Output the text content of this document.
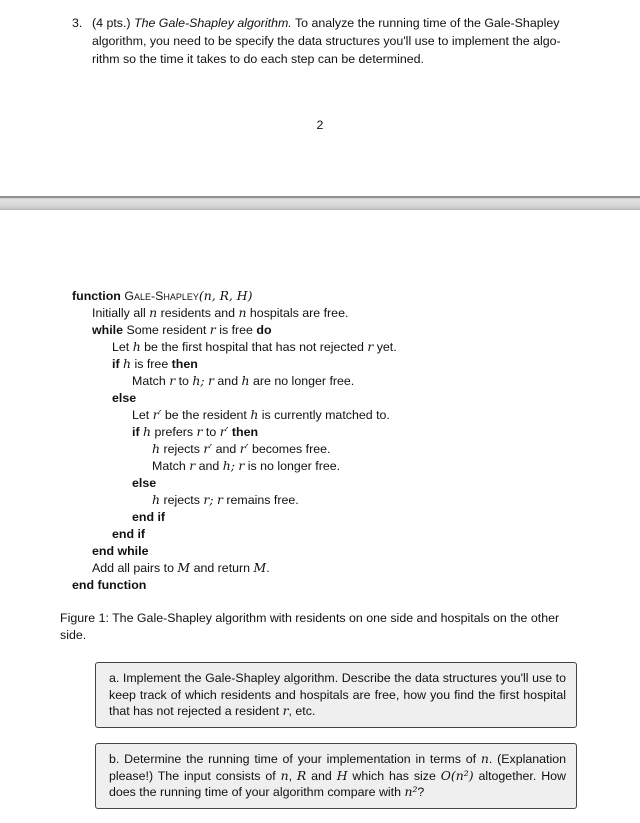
3. (4 pts.) The Gale-Shapley algorithm. To analyze the running time of the Gale-Shapley algorithm, you need to be specify the data structures you'll use to implement the algo- rithm so the time it takes to do each step can be determined.
2
function Gale-Shapley(n, R, H)
Initially all n residents and n hospitals are free.
while Some resident r is free do
Let h be the first hospital that has not rejected r yet.
if h is free then
Match r to h; r and h are no longer free.
else
Let r′ be the resident h is currently matched to.
if h prefers r to r′ then
h rejects r′ and r′ becomes free.
Match r and h; r is no longer free.
else
h rejects r; r remains free.
end if
end if
end while
Add all pairs to M and return M.
end function
Figure 1: The Gale-Shapley algorithm with residents on one side and hospitals on the other side.
a. Implement the Gale-Shapley algorithm. Describe the data structures you'll use to keep track of which residents and hospitals are free, how you find the first hospital that has not rejected a resident r, etc.
b. Determine the running time of your implementation in terms of n. (Explanation please!) The input consists of n, R and H which has size O(n²) altogether. How does the running time of your algorithm compare with n²?
